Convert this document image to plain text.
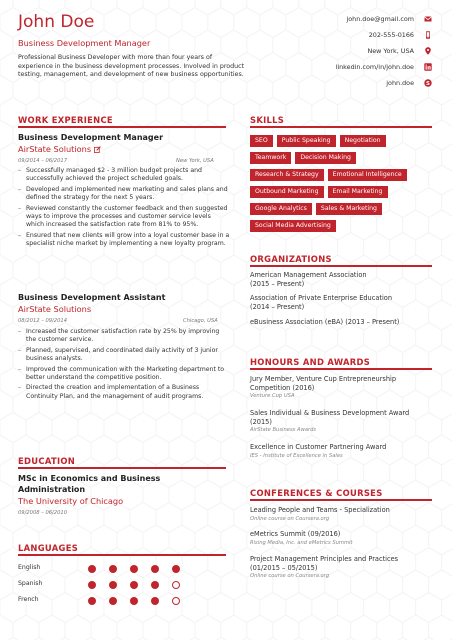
John Doe
Business Development Manager
Professional Business Developer with more than four years of experience in the business development processes. Involved in product testing, management, and development of new business opportunities.
john.doe@gmail.com
202-555-0166
New York, USA
linkedin.com/in/john.doe
john.doe S
WORK EXPERIENCE
Business Development Manager
AirState Solutions
09/2014 – 06/2017	New York, USA
– Successfully managed $2 - 3 million budget projects and successfully achieved the project scheduled goals.
– Developed and implemented new marketing and sales plans and defined the strategy for the next 5 years.
– Reviewed constantly the customer feedback and then suggested ways to improve the processes and customer service levels which increased the satisfaction rate from 81% to 95%.
– Ensured that new clients will grow into a loyal customer base in a specialist niche market by implementing a new loyalty program.
Business Development Assistant
AirState Solutions
08/2012 – 09/2014	Chicago, USA
– Increased the customer satisfaction rate by 25% by improving the customer service.
– Planned, supervised, and coordinated daily activity of 3 junior business analysts.
– Improved the communication with the Marketing department to better understand the competitive position.
– Directed the creation and implementation of a Business Continuity Plan, and the management of audit programs.
EDUCATION
MSc in Economics and Business
Administration
The University of Chicago
09/2008 – 06/2010
LANGUAGES
English
Spanish
French
SKILLS
SEO	Public Speaking	Negotiation
Teamwork	Decision Making
Research & Strategy	Emotional Intelligence
Outbound Marketing	Email Marketing
Google Analytics	Sales & Marketing
Social Media Advertising
ORGANIZATIONS
American Management Association
(2015 – Present)
Association of Private Enterprise Education
(2014 – Present)
eBusiness Association (eBA) (2013 – Present)
HONOURS AND AWARDS
Jury Member, Venture Cup Entrepreneurship
Competition (2016)
Venture Cup USA
Sales Individual & Business Development Award
(2015)
AirState Business Awards
Excellence in Customer Partnering Award
IES - Institute of Excellence in Sales
CONFERENCES & COURSES
Leading People and Teams - Specialization
Online course on Coursera.org
eMetrics Summit (09/2016)
Rising Media, Inc. and eMetrics Summit
Project Management Principles and Practices
(01/2015 – 05/2015)
Online course on Coursera.org
